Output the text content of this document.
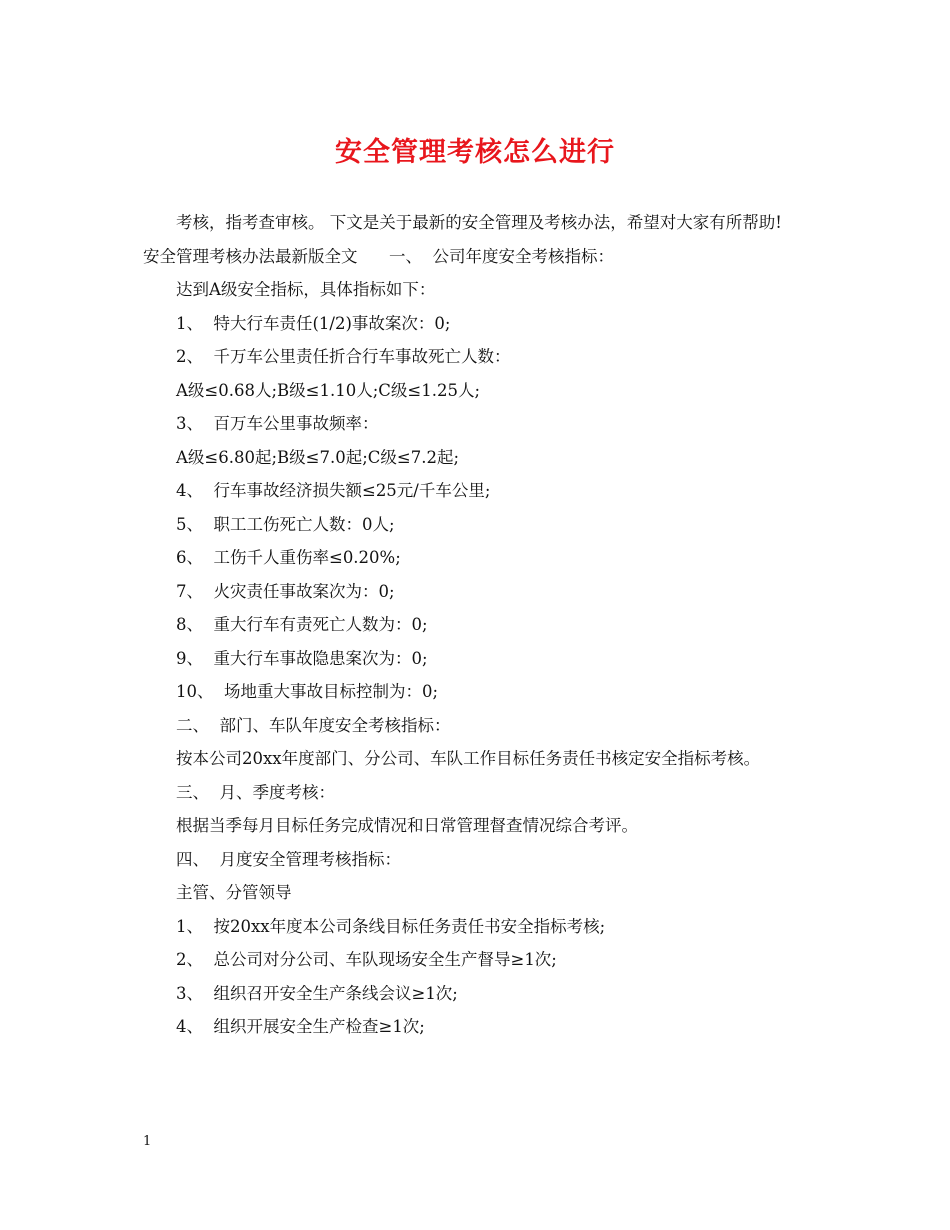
安全管理考核怎么进行

考核，指考查审核。 下文是关于最新的安全管理及考核办法，希望对大家有所帮助!

安全管理考核办法最新版全文      一、  公司年度安全考核指标：

达到A级安全指标，具体指标如下：

1、  特大行车责任(1/2)事故案次：0;

2、  千万车公里责任折合行车事故死亡人数：

A级≤0.68人;B级≤1.10人;C级≤1.25人;

3、  百万车公里事故频率：

A级≤6.80起;B级≤7.0起;C级≤7.2起;

4、  行车事故经济损失额≤25元/千车公里;

5、  职工工伤死亡人数：0人;

6、  工伤千人重伤率≤0.20%;

7、  火灾责任事故案次为：0;

8、  重大行车有责死亡人数为：0;

9、  重大行车事故隐患案次为：0;

10、  场地重大事故目标控制为：0;

二、  部门、车队年度安全考核指标：

按本公司20xx年度部门、分公司、车队工作目标任务责任书核定安全指标考核。

三、  月、季度考核：

根据当季每月目标任务完成情况和日常管理督查情况综合考评。

四、  月度安全管理考核指标：

主管、分管领导

1、  按20xx年度本公司条线目标任务责任书安全指标考核;

2、  总公司对分公司、车队现场安全生产督导≥1次;

3、  组织召开安全生产条线会议≥1次;

4、  组织开展安全生产检查≥1次;

1
